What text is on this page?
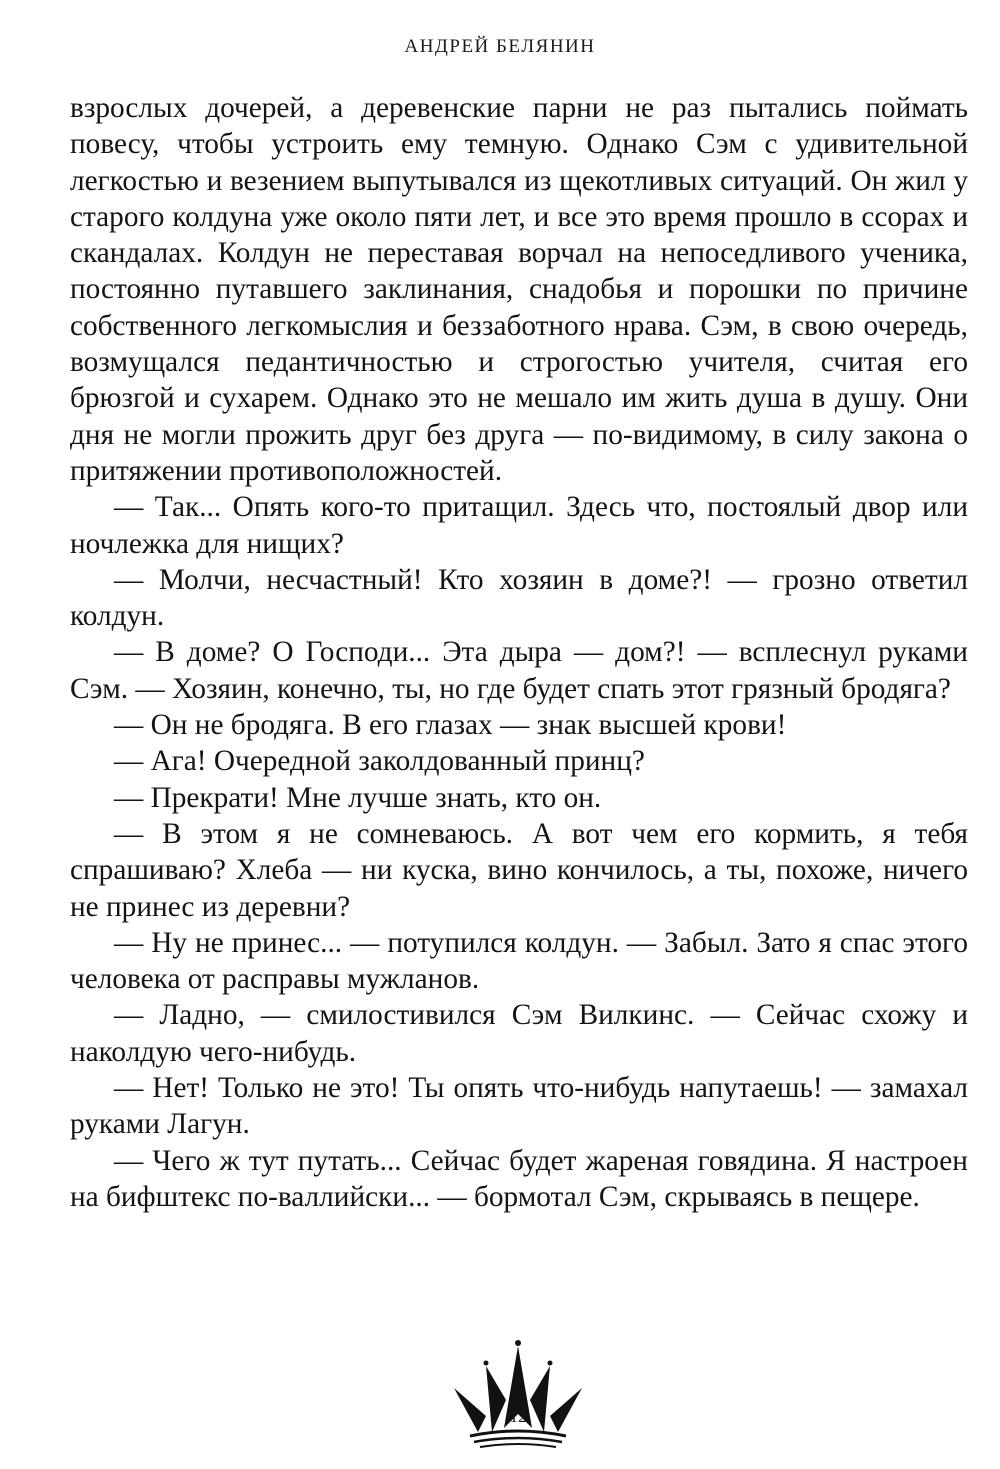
АНДРЕЙ БЕЛЯНИН

взрослых дочерей, а деревенские парни не раз пытались поймать повесу, чтобы устроить ему темную. Однако Сэм с удивительной легкостью и везением выпутывался из щекотливых ситуаций. Он жил у старого колдуна уже около пяти лет, и все это время прошло в ссорах и скандалах. Колдун не переставая ворчал на непоседливого ученика, постоянно путавшего заклинания, снадобья и порошки по причине собственного легкомыслия и беззаботного нрава. Сэм, в свою очередь, возмущался педантичностью и строгостью учителя, считая его брюзгой и сухарем. Однако это не мешало им жить душа в душу. Они дня не могли прожить друг без друга — по-видимому, в силу закона о притяжении противоположностей.

— Так... Опять кого-то притащил. Здесь что, постоялый двор или ночлежка для нищих?

— Молчи, несчастный! Кто хозяин в доме?! — грозно ответил колдун.

— В доме? О Господи... Эта дыра — дом?! — всплеснул руками Сэм. — Хозяин, конечно, ты, но где будет спать этот грязный бродяга?

— Он не бродяга. В его глазах — знак высшей крови!

— Ага! Очередной заколдованный принц?

— Прекрати! Мне лучше знать, кто он.

— В этом я не сомневаюсь. А вот чем его кормить, я тебя спрашиваю? Хлеба — ни куска, вино кончилось, а ты, похоже, ничего не принес из деревни?

— Ну не принес... — потупился колдун. — Забыл. Зато я спас этого человека от расправы мужланов.

— Ладно, — смилостивился Сэм Вилкинс. — Сейчас схожу и наколдую чего-нибудь.

— Нет! Только не это! Ты опять что-нибудь напутаешь! — замахал руками Лагун.

— Чего ж тут путать... Сейчас будет жареная говядина. Я настроен на бифштекс по-валлийски... — бормотал Сэм, скрываясь в пещере.

12
